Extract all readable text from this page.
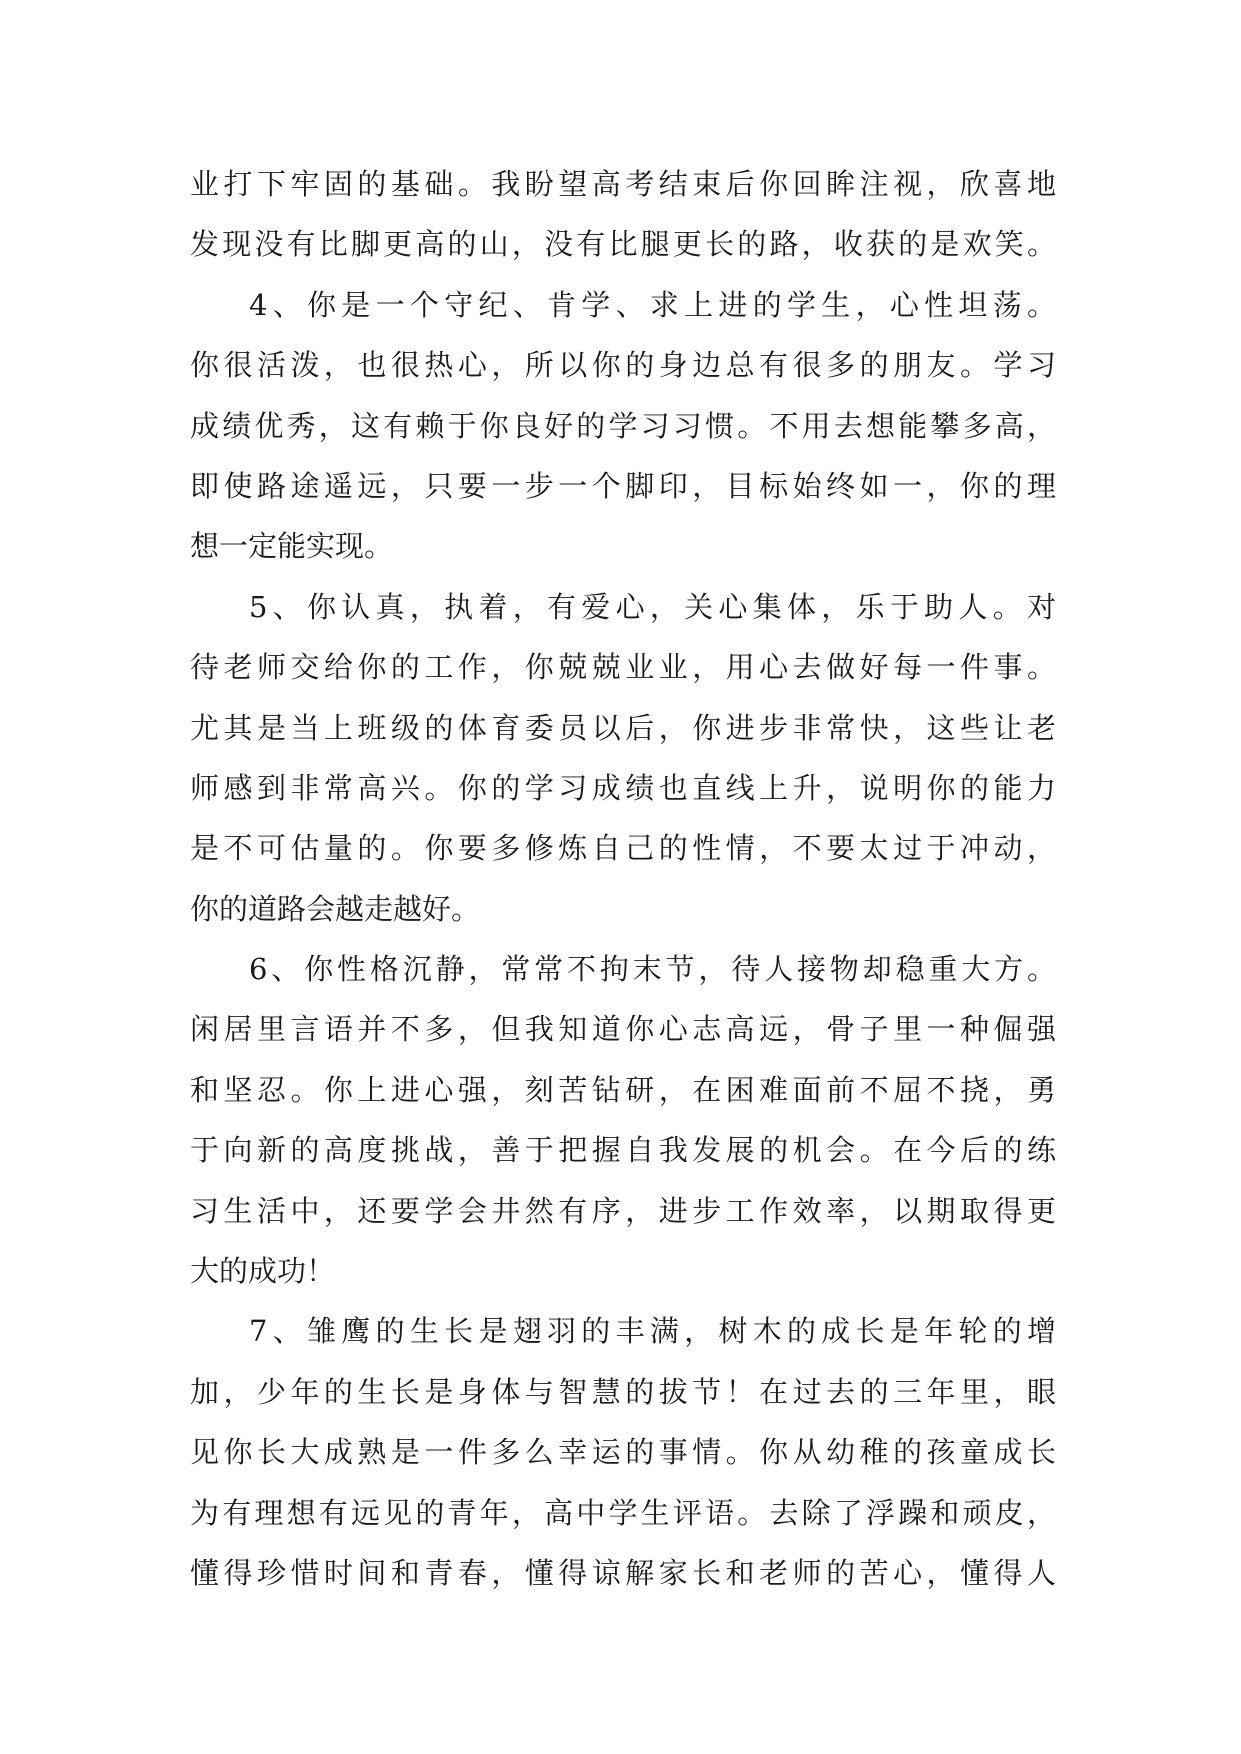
业打下牢固的基础。我盼望高考结束后你回眸注视，欣喜地
发现没有比脚更高的山，没有比腿更长的路，收获的是欢笑。
4、你是一个守纪、肯学、求上进的学生，心性坦荡。
你很活泼，也很热心，所以你的身边总有很多的朋友。学习
成绩优秀，这有赖于你良好的学习习惯。不用去想能攀多高，
即使路途遥远，只要一步一个脚印，目标始终如一，你的理
想一定能实现。
5、你认真，执着，有爱心，关心集体，乐于助人。对
待老师交给你的工作，你兢兢业业，用心去做好每一件事。
尤其是当上班级的体育委员以后，你进步非常快，这些让老
师感到非常高兴。你的学习成绩也直线上升，说明你的能力
是不可估量的。你要多修炼自己的性情，不要太过于冲动，
你的道路会越走越好。
6、你性格沉静，常常不拘末节，待人接物却稳重大方。
闲居里言语并不多，但我知道你心志高远，骨子里一种倔强
和坚忍。你上进心强，刻苦钻研，在困难面前不屈不挠，勇
于向新的高度挑战，善于把握自我发展的机会。在今后的练
习生活中，还要学会井然有序，进步工作效率，以期取得更
大的成功！
7、雏鹰的生长是翅羽的丰满，树木的成长是年轮的增
加，少年的生长是身体与智慧的拔节！在过去的三年里，眼
见你长大成熟是一件多么幸运的事情。你从幼稚的孩童成长
为有理想有远见的青年，高中学生评语。去除了浮躁和顽皮，
懂得珍惜时间和青春，懂得谅解家长和老师的苦心，懂得人
